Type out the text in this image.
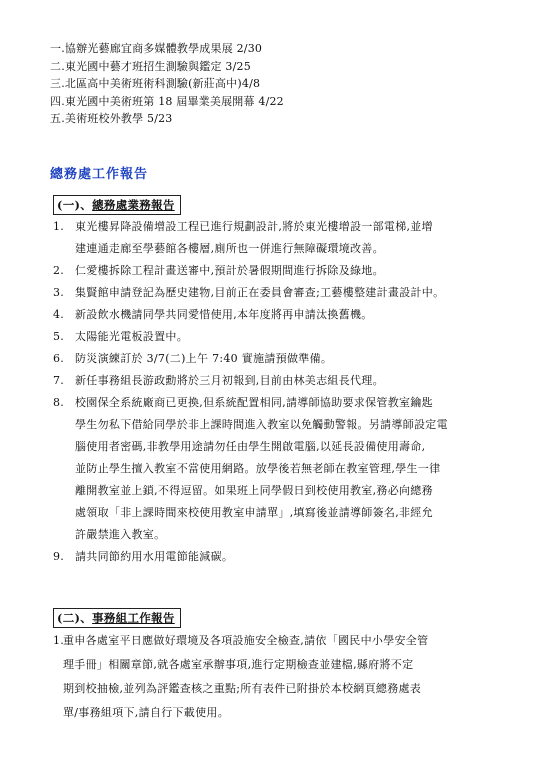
一.協辦光藝廊宜商多媒體教學成果展 2/30
二.東光國中藝才班招生測驗與鑑定 3/25
三.北區高中美術班術科測驗(新莊高中)4/8
四.東光國中美術班第 18 屆畢業美展開幕 4/22
五.美術班校外教學 5/23
總務處工作報告
(一)、總務處業務報告
1. 東光樓昇降設備增設工程已進行規劃設計,將於東光樓增設一部電梯,並增
建連通走廊至學藝館各樓層,廁所也一併進行無障礙環境改善。
2. 仁愛樓拆除工程計畫送審中,預計於暑假期間進行拆除及綠地。
3. 集賢館申請登記為歷史建物,目前正在委員會審查;工藝樓整建計畫設計中。
4. 新設飲水機請同學共同愛惜使用,本年度將再申請汰換舊機。
5. 太陽能光電板設置中。
6. 防災演練訂於 3/7(二)上午 7:40 實施請預做準備。
7. 新任事務組長游政勳將於三月初報到,目前由林美志組長代理。
8. 校園保全系統廠商已更換,但系統配置相同,請導師協助要求保管教室鑰匙
學生勿私下借給同學於非上課時間進入教室以免觸動警報。另請導師設定電
腦使用者密碼,非教學用途請勿任由學生開啟電腦,以延長設備使用壽命,
並防止學生擅入教室不當使用網路。放學後若無老師在教室管理,學生一律
離開教室並上鎖,不得逗留。如果班上同學假日到校使用教室,務必向總務
處領取「非上課時間來校使用教室申請單」,填寫後並請導師簽名,非經允
許嚴禁進入教室。
9. 請共同節約用水用電節能減碳。
(二)、事務組工作報告
1.
重申各處室平日應做好環境及各項設施安全檢查,請依「國民中小學安全管
理手冊」相關章節,就各處室承辦事項,進行定期檢查並建檔,縣府將不定
期到校抽檢,並列為評鑑查核之重點;所有表件已附掛於本校網頁總務處表
單/事務組項下,請自行下載使用。
